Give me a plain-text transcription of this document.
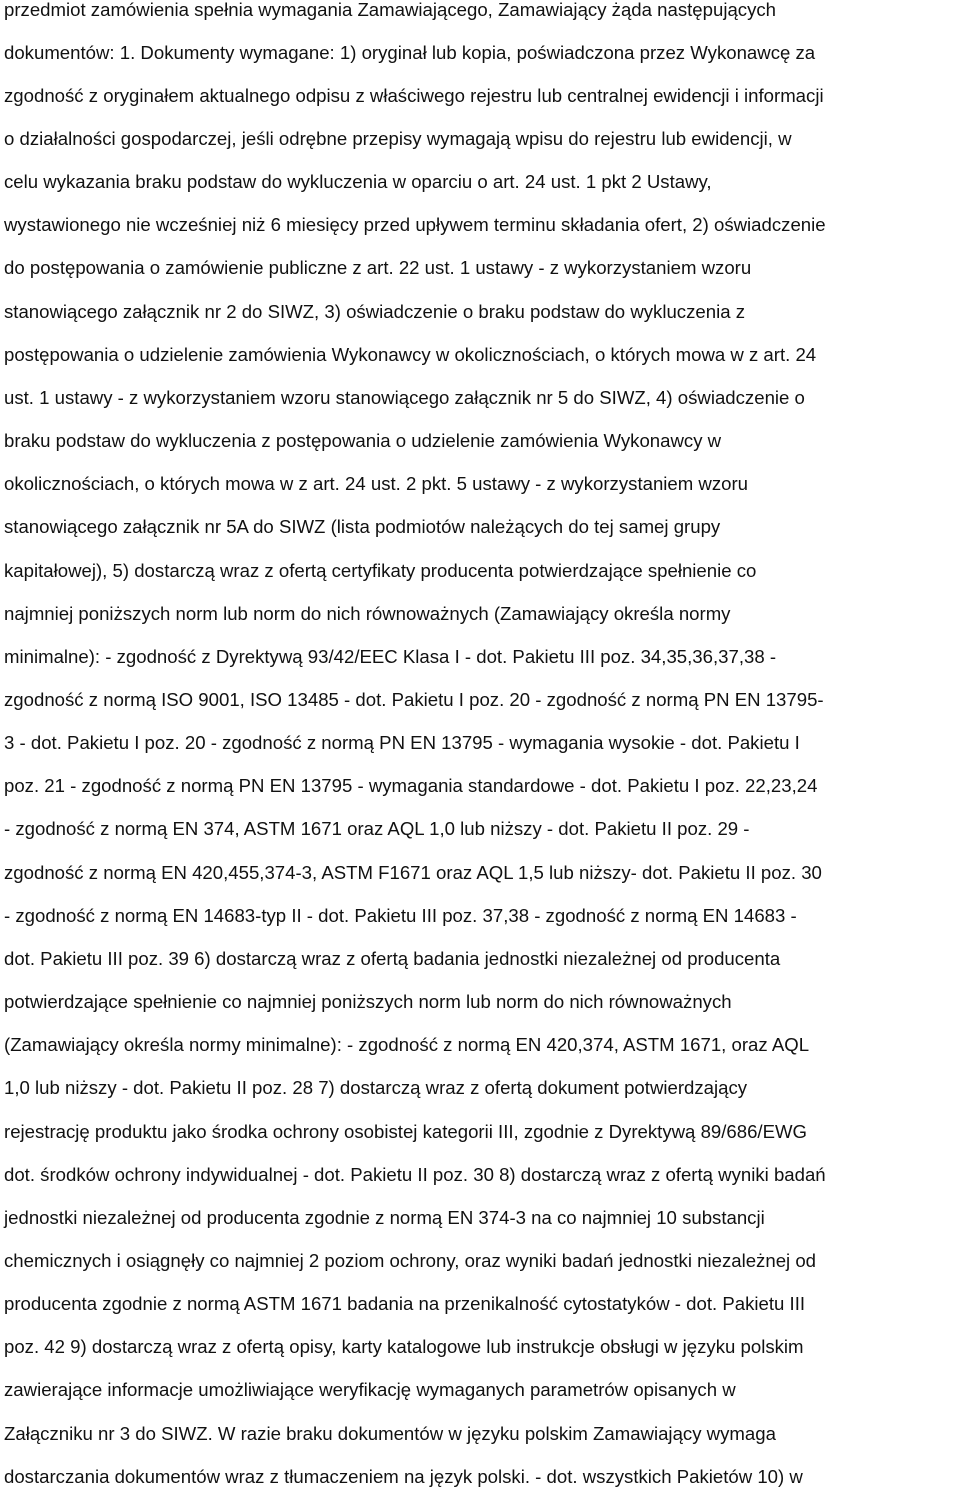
przedmiot zamówienia spełnia wymagania Zamawiającego, Zamawiający żąda następujących
dokumentów: 1. Dokumenty wymagane: 1) oryginał lub kopia, poświadczona przez Wykonawcę za
zgodność z oryginałem aktualnego odpisu z właściwego rejestru lub centralnej ewidencji i informacji
o działalności gospodarczej, jeśli odrębne przepisy wymagają wpisu do rejestru lub ewidencji, w
celu wykazania braku podstaw do wykluczenia w oparciu o art. 24 ust. 1 pkt 2 Ustawy,
wystawionego nie wcześniej niż 6 miesięcy przed upływem terminu składania ofert, 2) oświadczenie
do postępowania o zamówienie publiczne z art. 22 ust. 1 ustawy - z wykorzystaniem wzoru
stanowiącego załącznik nr 2 do SIWZ, 3) oświadczenie o braku podstaw do wykluczenia z
postępowania o udzielenie zamówienia Wykonawcy w okolicznościach, o których mowa w z art. 24
ust. 1 ustawy - z wykorzystaniem wzoru stanowiącego załącznik nr 5 do SIWZ, 4) oświadczenie o
braku podstaw do wykluczenia z postępowania o udzielenie zamówienia Wykonawcy w
okolicznościach, o których mowa w z art. 24 ust. 2 pkt. 5 ustawy - z wykorzystaniem wzoru
stanowiącego załącznik nr 5A do SIWZ (lista podmiotów należących do tej samej grupy
kapitałowej), 5) dostarczą wraz z ofertą certyfikaty producenta potwierdzające spełnienie co
najmniej poniższych norm lub norm do nich równoważnych (Zamawiający określa normy
minimalne): - zgodność z Dyrektywą 93/42/EEC Klasa I - dot. Pakietu III poz. 34,35,36,37,38 -
zgodność z normą ISO 9001, ISO 13485 - dot. Pakietu I poz. 20 - zgodność z normą PN EN 13795-
3 - dot. Pakietu I poz. 20 - zgodność z normą PN EN 13795 - wymagania wysokie - dot. Pakietu I
poz. 21 - zgodność z normą PN EN 13795 - wymagania standardowe - dot. Pakietu I poz. 22,23,24
- zgodność z normą EN 374, ASTM 1671 oraz AQL 1,0 lub niższy - dot. Pakietu II poz. 29 -
zgodność z normą EN 420,455,374-3, ASTM F1671 oraz AQL 1,5 lub niższy- dot. Pakietu II poz. 30
- zgodność z normą EN 14683-typ II - dot. Pakietu III poz. 37,38 - zgodność z normą EN 14683 -
dot. Pakietu III poz. 39 6) dostarczą wraz z ofertą badania jednostki niezależnej od producenta
potwierdzające spełnienie co najmniej poniższych norm lub norm do nich równoważnych
(Zamawiający określa normy minimalne): - zgodność z normą EN 420,374, ASTM 1671, oraz AQL
1,0 lub niższy - dot. Pakietu II poz. 28 7) dostarczą wraz z ofertą dokument potwierdzający
rejestrację produktu jako środka ochrony osobistej kategorii III, zgodnie z Dyrektywą 89/686/EWG
dot. środków ochrony indywidualnej - dot. Pakietu II poz. 30 8) dostarczą wraz z ofertą wyniki badań
jednostki niezależnej od producenta zgodnie z normą EN 374-3 na co najmniej 10 substancji
chemicznych i osiągnęły co najmniej 2 poziom ochrony, oraz wyniki badań jednostki niezależnej od
producenta zgodnie z normą ASTM 1671 badania na przenikalność cytostatyków - dot. Pakietu III
poz. 42 9) dostarczą wraz z ofertą opisy, karty katalogowe lub instrukcje obsługi w języku polskim
zawierające informacje umożliwiające weryfikację wymaganych parametrów opisanych w
Załączniku nr 3 do SIWZ. W razie braku dokumentów w języku polskim Zamawiający wymaga
dostarczania dokumentów wraz z tłumaczeniem na język polski. - dot. wszystkich Pakietów 10) w
